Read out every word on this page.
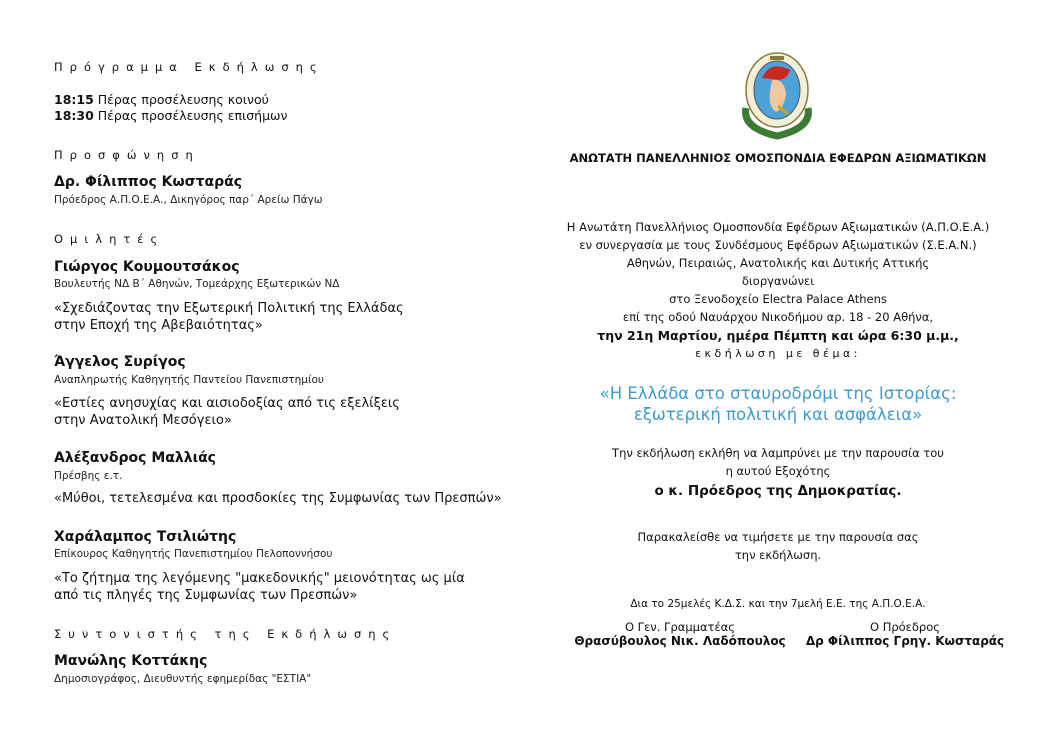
Πρόγραμμα Εκδήλωσης
18:15 Πέρας προσέλευσης κοινού
18:30 Πέρας προσέλευσης επισήμων
Προσφώνηση
Δρ. Φίλιππος Κωσταράς
Πρόεδρος Α.Π.Ο.Ε.Α., Δικηγόρος παρ΄ Αρείω Πάγω
Ομιλητές
Γιώργος Κουμουτσάκος
Βουλευτής ΝΔ Β΄ Αθηνών, Τομεάρχης Εξωτερικών ΝΔ
«Σχεδιάζοντας την Εξωτερική Πολιτική της Ελλάδας
στην Εποχή της Αβεβαιότητας»
Άγγελος Συρίγος
Αναπληρωτής Καθηγητής Παντείου Πανεπιστημίου
«Εστίες ανησυχίας και αισιοδοξίας από τις εξελίξεις
στην Ανατολική Μεσόγειο»
Αλέξανδρος Μαλλιάς
Πρέσβης ε.τ.
«Μύθοι, τετελεσμένα και προσδοκίες της Συμφωνίας των Πρεσπών»
Χαράλαμπος Τσιλιώτης
Επίκουρος Καθηγητής Πανεπιστημίου Πελοποννήσου
«Το ζήτημα της λεγόμενης "μακεδονικής" μειονότητας ως μία
από τις πληγές της Συμφωνίας των Πρεσπών»
Συντονιστής της Εκδήλωσης
Μανώλης Κοττάκης
Δημοσιογράφος, Διευθυντής εφημερίδας "ΕΣΤΙΑ"
ΑΝΩΤΑΤΗ ΠΑΝΕΛΛΗΝΙΟΣ ΟΜΟΣΠΟΝΔΙΑ ΕΦΕΔΡΩΝ ΑΞΙΩΜΑΤΙΚΩΝ
Η Ανωτάτη Πανελλήνιος Ομοσπονδία Εφέδρων Αξιωματικών (Α.Π.Ο.Ε.Α.)
εν συνεργασία με τους Συνδέσμους Εφέδρων Αξιωματικών (Σ.Ε.Α.Ν.)
Αθηνών, Πειραιώς, Ανατολικής και Δυτικής Αττικής
διοργανώνει
στο Ξενοδοχείο Electra Palace Athens
επί της οδού Ναυάρχου Νικοδήμου αρ. 18 - 20 Αθήνα,
την 21η Μαρτίου, ημέρα Πέμπτη και ώρα 6:30 μ.μ.,
εκδήλωση με θέμα:
«Η Ελλάδα στο σταυροδρόμι της Ιστορίας:
εξωτερική πολιτική και ασφάλεια»
Την εκδήλωση εκλήθη να λαμπρύνει με την παρουσία του
η αυτού Εξοχότης
ο κ. Πρόεδρος της Δημοκρατίας.
Παρακαλείσθε να τιμήσετε με την παρουσία σας
την εκδήλωση.
Δια το 25μελές Κ.Δ.Σ. και την 7μελή Ε.Ε. της Α.Π.Ο.Ε.Α.
Ο Γεν. Γραμματέας
Θρασύβουλος Νικ. Λαδόπουλος
Ο Πρόεδρος
Δρ Φίλιππος Γρηγ. Κωσταράς
